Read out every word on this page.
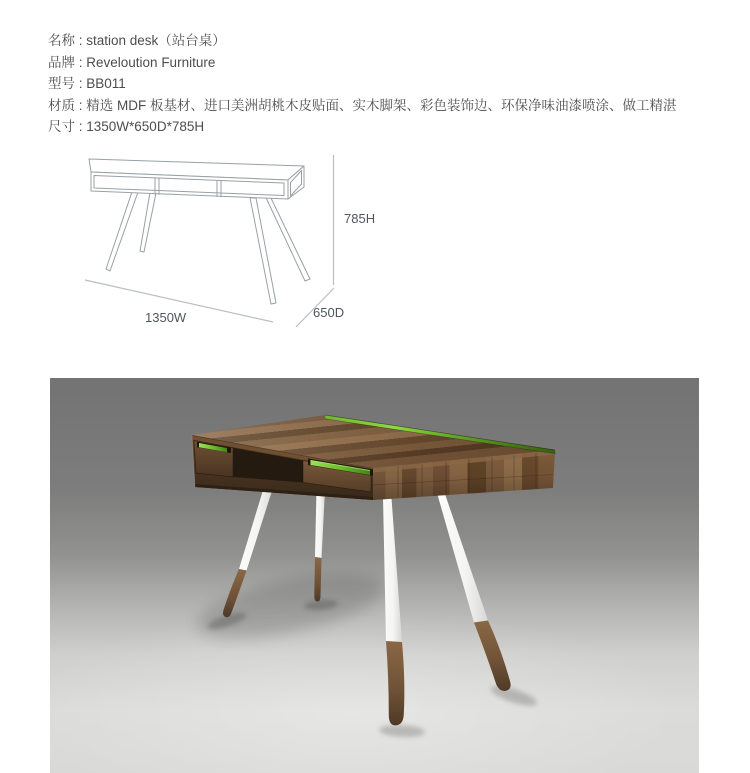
名称 : station desk（站台桌）
品牌 : Reveloution Furniture
型号 : BB011
材质 : 精选 MDF 板基材、进口美洲胡桃木皮贴面、实木脚架、彩色装饰边、环保净味油漆喷涂、做工精湛
尺寸 : 1350W*650D*785H
785H
1350W	650D
